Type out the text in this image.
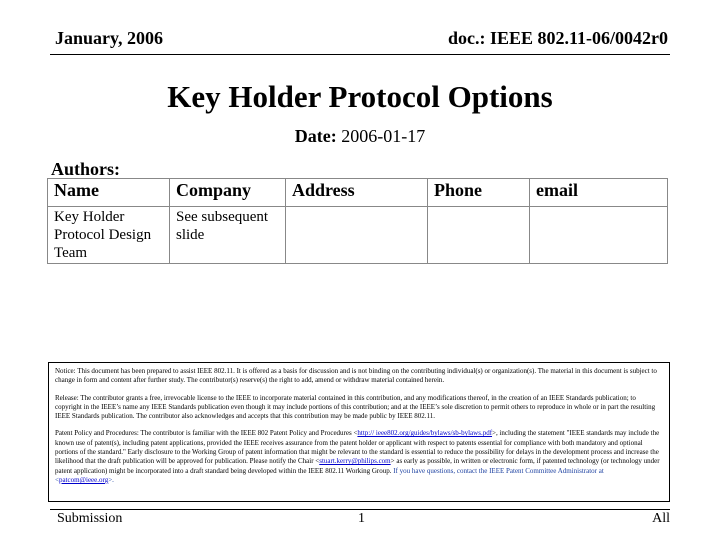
January, 2006	doc.: IEEE 802.11-06/0042r0
Key Holder Protocol Options
Date: 2006-01-17
Authors:
Name	Company	Address	Phone	email
Key Holder Protocol Design Team	See subsequent slide			

Notice: This document has been prepared to assist IEEE 802.11. It is offered as a basis for discussion and is not binding on the contributing individual(s) or organization(s). The material in this document is subject to change in form and content after further study. The contributor(s) reserve(s) the right to add, amend or withdraw material contained herein.

Release: The contributor grants a free, irrevocable license to the IEEE to incorporate material contained in this contribution, and any modifications thereof, in the creation of an IEEE Standards publication; to copyright in the IEEE’s name any IEEE Standards publication even though it may include portions of this contribution; and at the IEEE’s sole discretion to permit others to reproduce in whole or in part the resulting IEEE Standards publication. The contributor also acknowledges and accepts that this contribution may be made public by IEEE 802.11.

Patent Policy and Procedures: The contributor is familiar with the IEEE 802 Patent Policy and Procedures <http:// ieee802.org/guides/bylaws/sb-bylaws.pdf>, including the statement "IEEE standards may include the known use of patent(s), including patent applications, provided the IEEE receives assurance from the patent holder or applicant with respect to patents essential for compliance with both mandatory and optional portions of the standard." Early disclosure to the Working Group of patent information that might be relevant to the standard is essential to reduce the possibility for delays in the development process and increase the likelihood that the draft publication will be approved for publication. Please notify the Chair <stuart.kerry@philips.com> as early as possible, in written or electronic form, if patented technology (or technology under patent application) might be incorporated into a draft standard being developed within the IEEE 802.11 Working Group. If you have questions, contact the IEEE Patent Committee Administrator at <patcom@ieee.org>.

Submission	1	All
